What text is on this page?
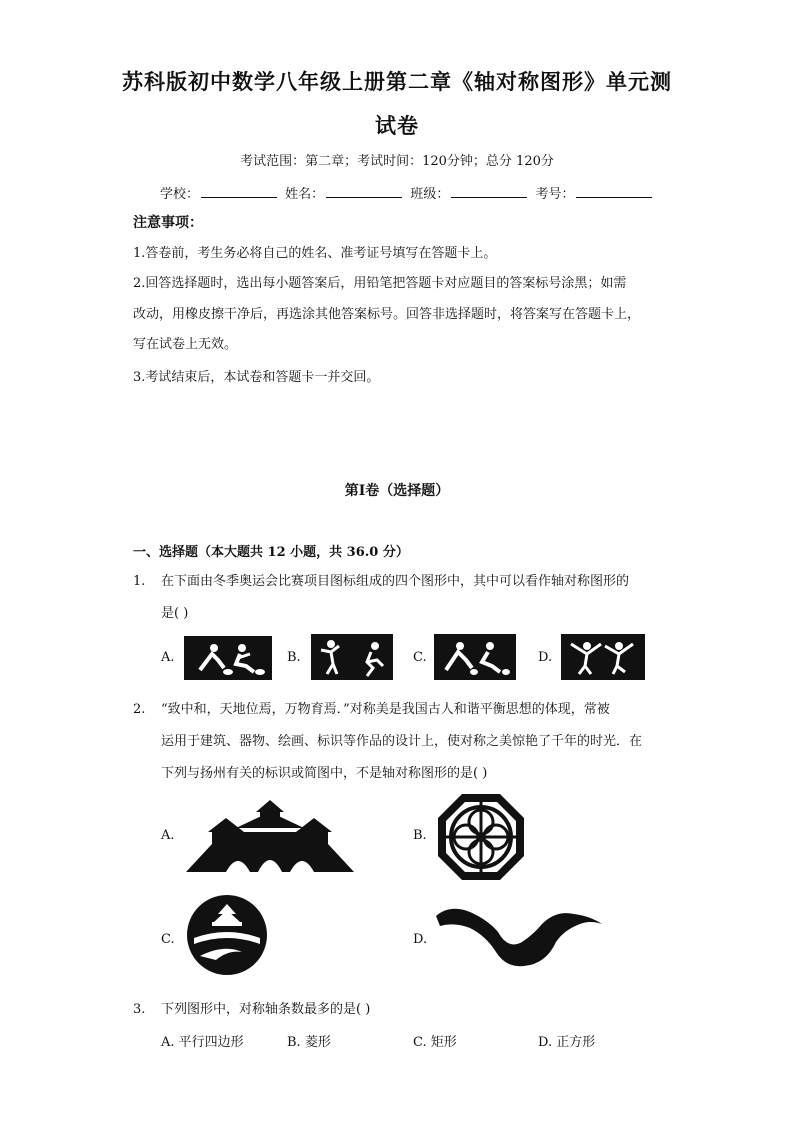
苏科版初中数学八年级上册第二章《轴对称图形》单元测
试卷
考试范围：第二章；考试时间：120分钟；总分 120分
学校：	姓名：	班级：	考号：
注意事项：
1.答卷前，考生务必将自己的姓名、准考证号填写在答题卡上。
2.回答选择题时，选出每小题答案后，用铅笔把答题卡对应题目的答案标号涂黑；如需
改动，用橡皮擦干净后，再选涂其他答案标号。回答非选择题时，将答案写在答题卡上，
写在试卷上无效。
3.考试结束后，本试卷和答题卡一并交回。
第Ⅰ卷（选择题）
一、选择题（本大题共 12 小题，共 36.0 分）
1. 在下面由冬季奥运会比赛项目图标组成的四个图形中，其中可以看作轴对称图形的
是( )
A.	B.	C.	D.
2. “致中和，天地位焉，万物育焉．”对称美是我国古人和谐平衡思想的体现，常被
运用于建筑、器物、绘画、标识等作品的设计上，使对称之美惊艳了千年的时光．在
下列与扬州有关的标识或简图中，不是轴对称图形的是( )
A.	B.
C.	D.
3. 下列图形中，对称轴条数最多的是( )
A. 平行四边形	B. 菱形	C. 矩形	D. 正方形
